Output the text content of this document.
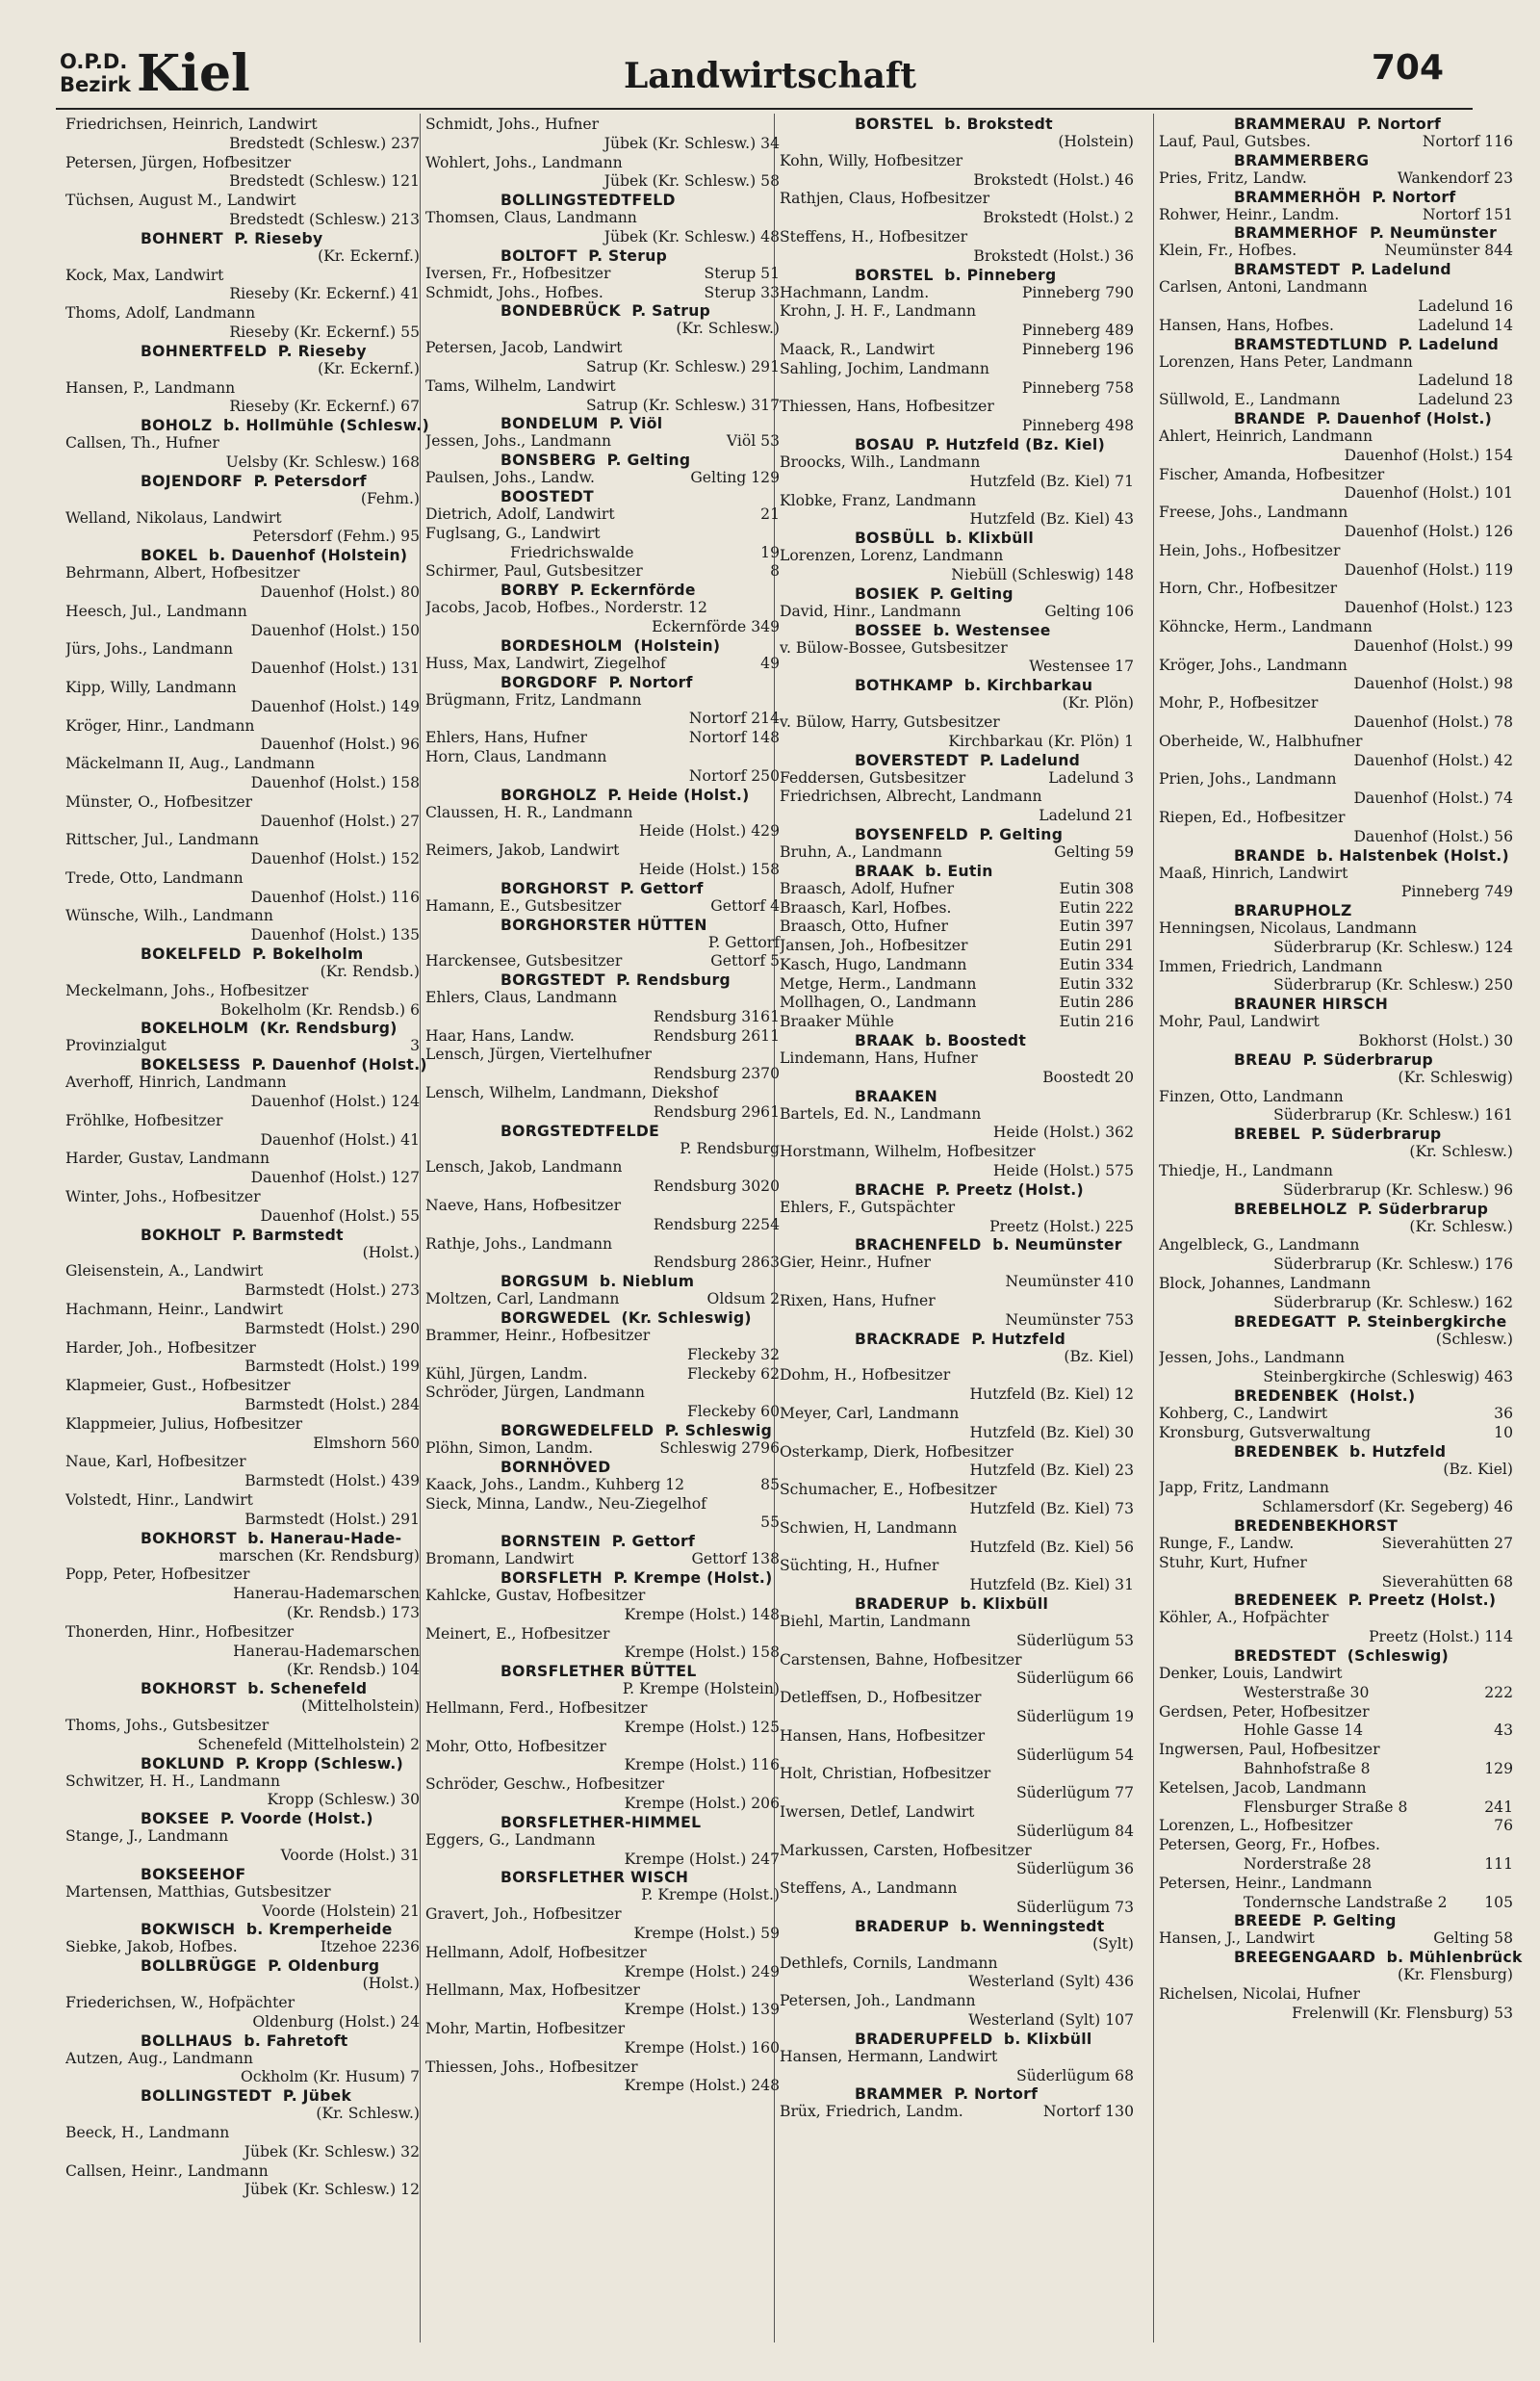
O.P.D.
Bezirk Kiel	Landwirtschaft	704
Friedrichsen, Heinrich, Landwirt
Bredstedt (Schlesw.) 237
Petersen, Jürgen, Hofbesitzer
Bredstedt (Schlesw.) 121
Tüchsen, August M., Landwirt
Bredstedt (Schlesw.) 213
BOHNERT  P. Rieseby
(Kr. Eckernf.)
Kock, Max, Landwirt
Rieseby (Kr. Eckernf.) 41
Thoms, Adolf, Landmann
Rieseby (Kr. Eckernf.) 55
BOHNERTFELD  P. Rieseby
(Kr. Eckernf.)
Hansen, P., Landmann
Rieseby (Kr. Eckernf.) 67
BOHOLZ  b. Hollmühle (Schlesw.)
Callsen, Th., Hufner
Uelsby (Kr. Schlesw.) 168
BOJENDORF  P. Petersdorf
(Fehm.)
Welland, Nikolaus, Landwirt
Petersdorf (Fehm.) 95
BOKEL  b. Dauenhof (Holstein)
Behrmann, Albert, Hofbesitzer
Dauenhof (Holst.) 80
Heesch, Jul., Landmann
Dauenhof (Holst.) 150
Jürs, Johs., Landmann
Dauenhof (Holst.) 131
Kipp, Willy, Landmann
Dauenhof (Holst.) 149
Kröger, Hinr., Landmann
Dauenhof (Holst.) 96
Mäckelmann II, Aug., Landmann
Dauenhof (Holst.) 158
Münster, O., Hofbesitzer
Dauenhof (Holst.) 27
Rittscher, Jul., Landmann
Dauenhof (Holst.) 152
Trede, Otto, Landmann
Dauenhof (Holst.) 116
Wünsche, Wilh., Landmann
Dauenhof (Holst.) 135
BOKELFELD  P. Bokelholm
(Kr. Rendsb.)
Meckelmann, Johs., Hofbesitzer
Bokelholm (Kr. Rendsb.) 6
BOKELHOLM  (Kr. Rendsburg)
Provinzialgut	3
BOKELSESS  P. Dauenhof (Holst.)
Averhoff, Hinrich, Landmann
Dauenhof (Holst.) 124
Fröhlke, Hofbesitzer
Dauenhof (Holst.) 41
Harder, Gustav, Landmann
Dauenhof (Holst.) 127
Winter, Johs., Hofbesitzer
Dauenhof (Holst.) 55
BOKHOLT  P. Barmstedt
(Holst.)
Gleisenstein, A., Landwirt
Barmstedt (Holst.) 273
Hachmann, Heinr., Landwirt
Barmstedt (Holst.) 290
Harder, Joh., Hofbesitzer
Barmstedt (Holst.) 199
Klapmeier, Gust., Hofbesitzer
Barmstedt (Holst.) 284
Klappmeier, Julius, Hofbesitzer
Elmshorn 560
Naue, Karl, Hofbesitzer
Barmstedt (Holst.) 439
Volstedt, Hinr., Landwirt
Barmstedt (Holst.) 291
BOKHORST  b. Hanerau-Hade-
marschen (Kr. Rendsburg)
Popp, Peter, Hofbesitzer
Hanerau-Hademarschen
(Kr. Rendsb.) 173
Thonerden, Hinr., Hofbesitzer
Hanerau-Hademarschen
(Kr. Rendsb.) 104
BOKHORST  b. Schenefeld
(Mittelholstein)
Thoms, Johs., Gutsbesitzer
Schenefeld (Mittelholstein) 2
BOKLUND  P. Kropp (Schlesw.)
Schwitzer, H. H., Landmann
Kropp (Schlesw.) 30
BOKSEE  P. Voorde (Holst.)
Stange, J., Landmann
Voorde (Holst.) 31
BOKSEEHOF
Martensen, Matthias, Gutsbesitzer
Voorde (Holstein) 21
BOKWISCH  b. Kremperheide
Siebke, Jakob, Hofbes.	Itzehoe 2236
BOLLBRÜGGE  P. Oldenburg
(Holst.)
Friederichsen, W., Hofpächter
Oldenburg (Holst.) 24
BOLLHAUS  b. Fahretoft
Autzen, Aug., Landmann
Ockholm (Kr. Husum) 7
BOLLINGSTEDT  P. Jübek
(Kr. Schlesw.)
Beeck, H., Landmann
Jübek (Kr. Schlesw.) 32
Callsen, Heinr., Landmann
Jübek (Kr. Schlesw.) 12
Schmidt, Johs., Hufner
Jübek (Kr. Schlesw.) 34
Wohlert, Johs., Landmann
Jübek (Kr. Schlesw.) 58
BOLLINGSTEDTFELD
Thomsen, Claus, Landmann
Jübek (Kr. Schlesw.) 48
BOLTOFT  P. Sterup
Iversen, Fr., Hofbesitzer	Sterup 51
Schmidt, Johs., Hofbes.	Sterup 33
BONDEBRÜCK  P. Satrup
(Kr. Schlesw.)
Petersen, Jacob, Landwirt
Satrup (Kr. Schlesw.) 291
Tams, Wilhelm, Landwirt
Satrup (Kr. Schlesw.) 317
BONDELUM  P. Viöl
Jessen, Johs., Landmann	Viöl 53
BONSBERG  P. Gelting
Paulsen, Johs., Landw.	Gelting 129
BOOSTEDT
Dietrich, Adolf, Landwirt	21
Fuglsang, G., Landwirt
Friedrichswalde	19
Schirmer, Paul, Gutsbesitzer	8
BORBY  P. Eckernförde
Jacobs, Jacob, Hofbes., Norderstr. 12
Eckernförde 349
BORDESHOLM  (Holstein)
Huss, Max, Landwirt, Ziegelhof	49
BORGDORF  P. Nortorf
Brügmann, Fritz, Landmann
Nortorf 214
Ehlers, Hans, Hufner	Nortorf 148
Horn, Claus, Landmann
Nortorf 250
BORGHOLZ  P. Heide (Holst.)
Claussen, H. R., Landmann
Heide (Holst.) 429
Reimers, Jakob, Landwirt
Heide (Holst.) 158
BORGHORST  P. Gettorf
Hamann, E., Gutsbesitzer	Gettorf 4
BORGHORSTER HÜTTEN
P. Gettorf
Harckensee, Gutsbesitzer	Gettorf 5
BORGSTEDT  P. Rendsburg
Ehlers, Claus, Landmann
Rendsburg 3161
Haar, Hans, Landw.	Rendsburg 2611
Lensch, Jürgen, Viertelhufner
Rendsburg 2370
Lensch, Wilhelm, Landmann, Diekshof
Rendsburg 2961
BORGSTEDTFELDE
P. Rendsburg
Lensch, Jakob, Landmann
Rendsburg 3020
Naeve, Hans, Hofbesitzer
Rendsburg 2254
Rathje, Johs., Landmann
Rendsburg 2863
BORGSUM  b. Nieblum
Moltzen, Carl, Landmann	Oldsum 2
BORGWEDEL  (Kr. Schleswig)
Brammer, Heinr., Hofbesitzer
Fleckeby 32
Kühl, Jürgen, Landm.	Fleckeby 62
Schröder, Jürgen, Landmann
Fleckeby 60
BORGWEDELFELD  P. Schleswig
Plöhn, Simon, Landm.	Schleswig 2796
BORNHÖVED
Kaack, Johs., Landm., Kuhberg 12	85
Sieck, Minna, Landw., Neu-Ziegelhof
55
BORNSTEIN  P. Gettorf
Bromann, Landwirt	Gettorf 138
BORSFLETH  P. Krempe (Holst.)
Kahlcke, Gustav, Hofbesitzer
Krempe (Holst.) 148
Meinert, E., Hofbesitzer
Krempe (Holst.) 158
BORSFLETHER BÜTTEL
P. Krempe (Holstein)
Hellmann, Ferd., Hofbesitzer
Krempe (Holst.) 125
Mohr, Otto, Hofbesitzer
Krempe (Holst.) 116
Schröder, Geschw., Hofbesitzer
Krempe (Holst.) 206
BORSFLETHER-HIMMEL
Eggers, G., Landmann
Krempe (Holst.) 247
BORSFLETHER WISCH
P. Krempe (Holst.)
Gravert, Joh., Hofbesitzer
Krempe (Holst.) 59
Hellmann, Adolf, Hofbesitzer
Krempe (Holst.) 249
Hellmann, Max, Hofbesitzer
Krempe (Holst.) 139
Mohr, Martin, Hofbesitzer
Krempe (Holst.) 160
Thiessen, Johs., Hofbesitzer
Krempe (Holst.) 248
BORSTEL  b. Brokstedt
(Holstein)
Kohn, Willy, Hofbesitzer
Brokstedt (Holst.) 46
Rathjen, Claus, Hofbesitzer
Brokstedt (Holst.) 2
Steffens, H., Hofbesitzer
Brokstedt (Holst.) 36
BORSTEL  b. Pinneberg
Hachmann, Landm.	Pinneberg 790
Krohn, J. H. F., Landmann
Pinneberg 489
Maack, R., Landwirt	Pinneberg 196
Sahling, Jochim, Landmann
Pinneberg 758
Thiessen, Hans, Hofbesitzer
Pinneberg 498
BOSAU  P. Hutzfeld (Bz. Kiel)
Broocks, Wilh., Landmann
Hutzfeld (Bz. Kiel) 71
Klobke, Franz, Landmann
Hutzfeld (Bz. Kiel) 43
BOSBÜLL  b. Klixbüll
Lorenzen, Lorenz, Landmann
Niebüll (Schleswig) 148
BOSIEK  P. Gelting
David, Hinr., Landmann	Gelting 106
BOSSEE  b. Westensee
v. Bülow-Bossee, Gutsbesitzer
Westensee 17
BOTHKAMP  b. Kirchbarkau
(Kr. Plön)
v. Bülow, Harry, Gutsbesitzer
Kirchbarkau (Kr. Plön) 1
BOVERSTEDT  P. Ladelund
Feddersen, Gutsbesitzer	Ladelund 3
Friedrichsen, Albrecht, Landmann
Ladelund 21
BOYSENFELD  P. Gelting
Bruhn, A., Landmann	Gelting 59
BRAAK  b. Eutin
Braasch, Adolf, Hufner	Eutin 308
Braasch, Karl, Hofbes.	Eutin 222
Braasch, Otto, Hufner	Eutin 397
Jansen, Joh., Hofbesitzer	Eutin 291
Kasch, Hugo, Landmann	Eutin 334
Metge, Herm., Landmann	Eutin 332
Mollhagen, O., Landmann	Eutin 286
Braaker Mühle	Eutin 216
BRAAK  b. Boostedt
Lindemann, Hans, Hufner
Boostedt 20
BRAAKEN
Bartels, Ed. N., Landmann
Heide (Holst.) 362
Horstmann, Wilhelm, Hofbesitzer
Heide (Holst.) 575
BRACHE  P. Preetz (Holst.)
Ehlers, F., Gutspächter
Preetz (Holst.) 225
BRACHENFELD  b. Neumünster
Gier, Heinr., Hufner
Neumünster 410
Rixen, Hans, Hufner
Neumünster 753
BRACKRADE  P. Hutzfeld
(Bz. Kiel)
Dohm, H., Hofbesitzer
Hutzfeld (Bz. Kiel) 12
Meyer, Carl, Landmann
Hutzfeld (Bz. Kiel) 30
Osterkamp, Dierk, Hofbesitzer
Hutzfeld (Bz. Kiel) 23
Schumacher, E., Hofbesitzer
Hutzfeld (Bz. Kiel) 73
Schwien, H, Landmann
Hutzfeld (Bz. Kiel) 56
Süchting, H., Hufner
Hutzfeld (Bz. Kiel) 31
BRADERUP  b. Klixbüll
Biehl, Martin, Landmann
Süderlügum 53
Carstensen, Bahne, Hofbesitzer
Süderlügum 66
Detleffsen, D., Hofbesitzer
Süderlügum 19
Hansen, Hans, Hofbesitzer
Süderlügum 54
Holt, Christian, Hofbesitzer
Süderlügum 77
Iwersen, Detlef, Landwirt
Süderlügum 84
Markussen, Carsten, Hofbesitzer
Süderlügum 36
Steffens, A., Landmann
Süderlügum 73
BRADERUP  b. Wenningstedt
(Sylt)
Dethlefs, Cornils, Landmann
Westerland (Sylt) 436
Petersen, Joh., Landmann
Westerland (Sylt) 107
BRADERUPFELD  b. Klixbüll
Hansen, Hermann, Landwirt
Süderlügum 68
BRAMMER  P. Nortorf
Brüx, Friedrich, Landm.	Nortorf 130
BRAMMERAU  P. Nortorf
Lauf, Paul, Gutsbes.	Nortorf 116
BRAMMERBERG
Pries, Fritz, Landw.	Wankendorf 23
BRAMMERHÖH  P. Nortorf
Rohwer, Heinr., Landm.	Nortorf 151
BRAMMERHOF  P. Neumünster
Klein, Fr., Hofbes.	Neumünster 844
BRAMSTEDT  P. Ladelund
Carlsen, Antoni, Landmann
Ladelund 16
Hansen, Hans, Hofbes.	Ladelund 14
BRAMSTEDTLUND  P. Ladelund
Lorenzen, Hans Peter, Landmann
Ladelund 18
Süllwold, E., Landmann	Ladelund 23
BRANDE  P. Dauenhof (Holst.)
Ahlert, Heinrich, Landmann
Dauenhof (Holst.) 154
Fischer, Amanda, Hofbesitzer
Dauenhof (Holst.) 101
Freese, Johs., Landmann
Dauenhof (Holst.) 126
Hein, Johs., Hofbesitzer
Dauenhof (Holst.) 119
Horn, Chr., Hofbesitzer
Dauenhof (Holst.) 123
Köhncke, Herm., Landmann
Dauenhof (Holst.) 99
Kröger, Johs., Landmann
Dauenhof (Holst.) 98
Mohr, P., Hofbesitzer
Dauenhof (Holst.) 78
Oberheide, W., Halbhufner
Dauenhof (Holst.) 42
Prien, Johs., Landmann
Dauenhof (Holst.) 74
Riepen, Ed., Hofbesitzer
Dauenhof (Holst.) 56
BRANDE  b. Halstenbek (Holst.)
Maaß, Hinrich, Landwirt
Pinneberg 749
BRARUPHOLZ
Henningsen, Nicolaus, Landmann
Süderbrarup (Kr. Schlesw.) 124
Immen, Friedrich, Landmann
Süderbrarup (Kr. Schlesw.) 250
BRAUNER HIRSCH
Mohr, Paul, Landwirt
Bokhorst (Holst.) 30
BREAU  P. Süderbrarup
(Kr. Schleswig)
Finzen, Otto, Landmann
Süderbrarup (Kr. Schlesw.) 161
BREBEL  P. Süderbrarup
(Kr. Schlesw.)
Thiedje, H., Landmann
Süderbrarup (Kr. Schlesw.) 96
BREBELHOLZ  P. Süderbrarup
(Kr. Schlesw.)
Angelbleck, G., Landmann
Süderbrarup (Kr. Schlesw.) 176
Block, Johannes, Landmann
Süderbrarup (Kr. Schlesw.) 162
BREDEGATT  P. Steinbergkirche
(Schlesw.)
Jessen, Johs., Landmann
Steinbergkirche (Schleswig) 463
BREDENBEK  (Holst.)
Kohberg, C., Landwirt	36
Kronsburg, Gutsverwaltung	10
BREDENBEK  b. Hutzfeld
(Bz. Kiel)
Japp, Fritz, Landmann
Schlamersdorf (Kr. Segeberg) 46
BREDENBEKHORST
Runge, F., Landw.	Sieverahütten 27
Stuhr, Kurt, Hufner
Sieverahütten 68
BREDENEEK  P. Preetz (Holst.)
Köhler, A., Hofpächter
Preetz (Holst.) 114
BREDSTEDT  (Schleswig)
Denker, Louis, Landwirt
Westerstraße 30	222
Gerdsen, Peter, Hofbesitzer
Hohle Gasse 14	43
Ingwersen, Paul, Hofbesitzer
Bahnhofstraße 8	129
Ketelsen, Jacob, Landmann
Flensburger Straße 8	241
Lorenzen, L., Hofbesitzer	76
Petersen, Georg, Fr., Hofbes.
Norderstraße 28	111
Petersen, Heinr., Landmann
Tondernsche Landstraße 2	105
BREEDE  P. Gelting
Hansen, J., Landwirt	Gelting 58
BREEGENGAARD  b. Mühlenbrück
(Kr. Flensburg)
Richelsen, Nicolai, Hufner
Frelenwill (Kr. Flensburg) 53
